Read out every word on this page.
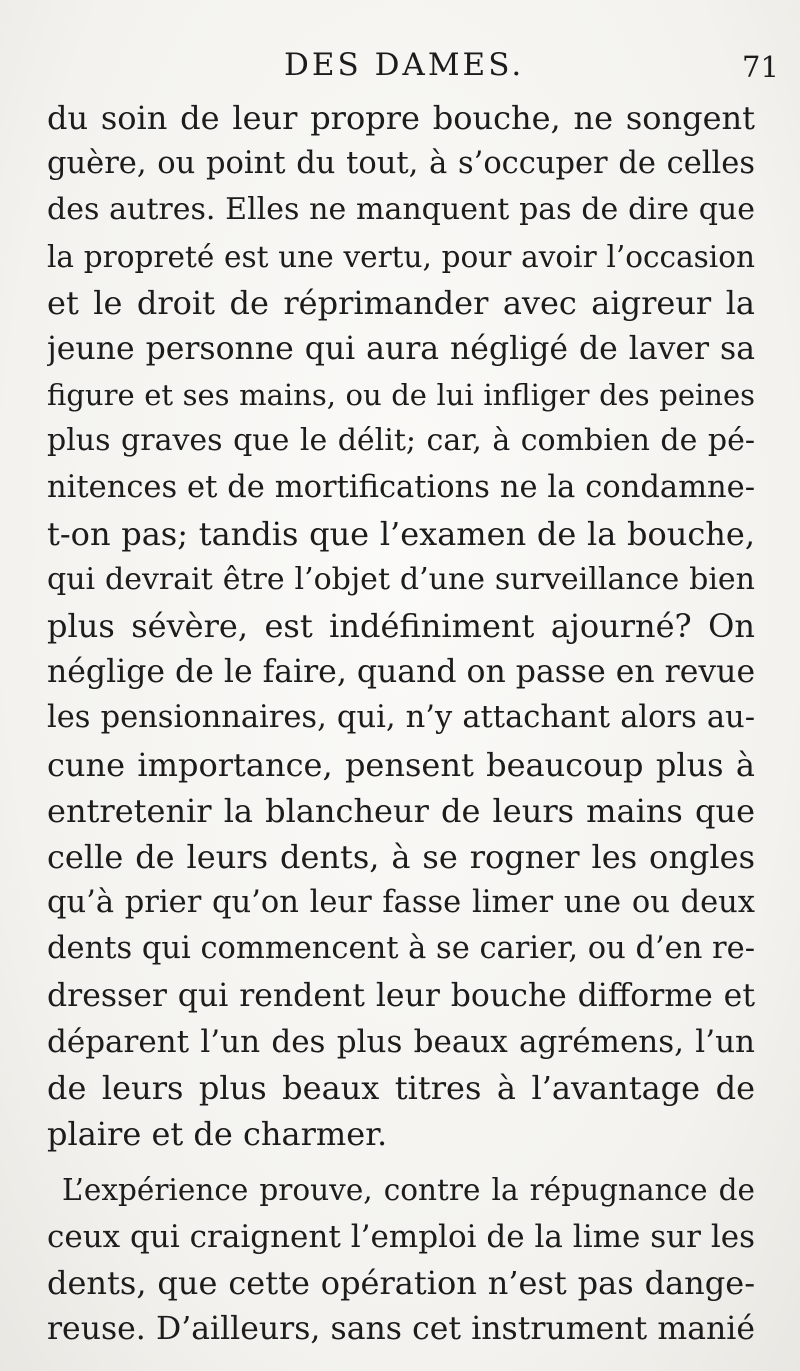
DES DAMES.	71
du soin de leur propre bouche, ne songent
guère, ou point du tout, à s’occuper de celles
des autres. Elles ne manquent pas de dire que
la propreté est une vertu, pour avoir l’occasion
et le droit de réprimander avec aigreur la
jeune personne qui aura négligé de laver sa
figure et ses mains, ou de lui infliger des peines
plus graves que le délit; car, à combien de pé-
nitences et de mortifications ne la condamne-
t-on pas; tandis que l’examen de la bouche,
qui devrait être l’objet d’une surveillance bien
plus sévère, est indéfiniment ajourné? On
néglige de le faire, quand on passe en revue
les pensionnaires, qui, n’y attachant alors au-
cune importance, pensent beaucoup plus à
entretenir la blancheur de leurs mains que
celle de leurs dents, à se rogner les ongles
qu’à prier qu’on leur fasse limer une ou deux
dents qui commencent à se carier, ou d’en re-
dresser qui rendent leur bouche difforme et
déparent l’un des plus beaux agrémens, l’un
de leurs plus beaux titres à l’avantage de
plaire et de charmer.
L’expérience prouve, contre la répugnance de
ceux qui craignent l’emploi de la lime sur les
dents, que cette opération n’est pas dange-
reuse. D’ailleurs, sans cet instrument manié
